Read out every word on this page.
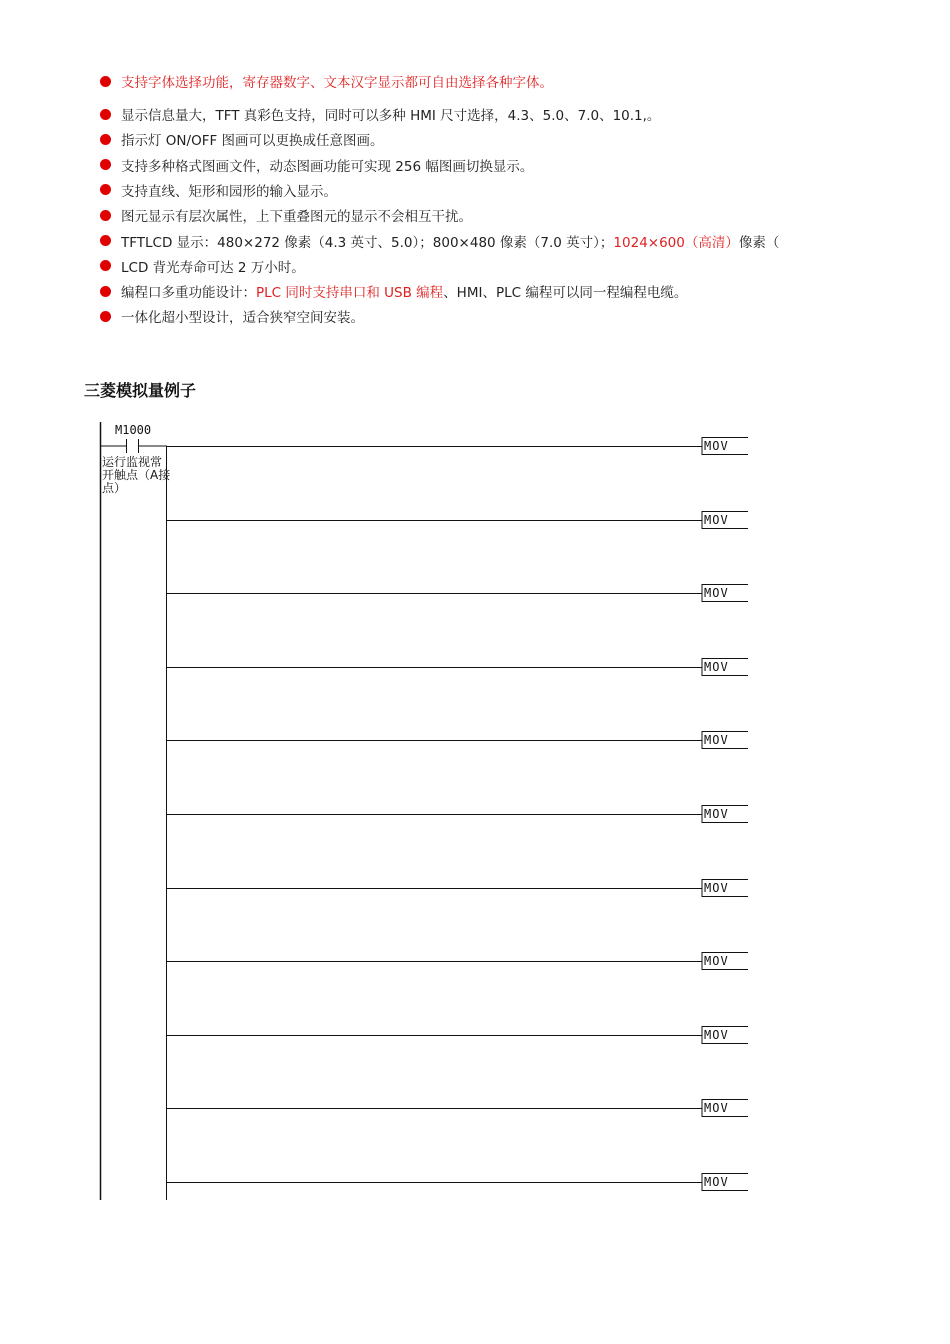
支持字体选择功能，寄存器数字、文本汉字显示都可自由选择各种字体。
显示信息量大，TFT 真彩色支持，同时可以多种 HMI 尺寸选择，4.3、5.0、7.0、10.1,。
指示灯 ON/OFF 图画可以更换成任意图画。
支持多种格式图画文件，动态图画功能可实现 256 幅图画切换显示。
支持直线、矩形和园形的输入显示。
图元显示有层次属性，上下重叠图元的显示不会相互干扰。
TFTLCD 显示：480×272 像素（4.3 英寸、5.0）；800×480 像素（7.0 英寸）； 1024×600（高清） 像素（
LCD 背光寿命可达 2 万小时。
编程口多重功能设计： PLC 同时支持串口和 USB 编程 、HMI、PLC 编程可以同一程编程电缆。
一体化超小型设计，适合狭窄空间安装。
三菱模拟量例子
M1000
运行监视常开触点（A接点）
MOV
MOV
MOV
MOV
MOV
MOV
MOV
MOV
MOV
MOV
MOV
